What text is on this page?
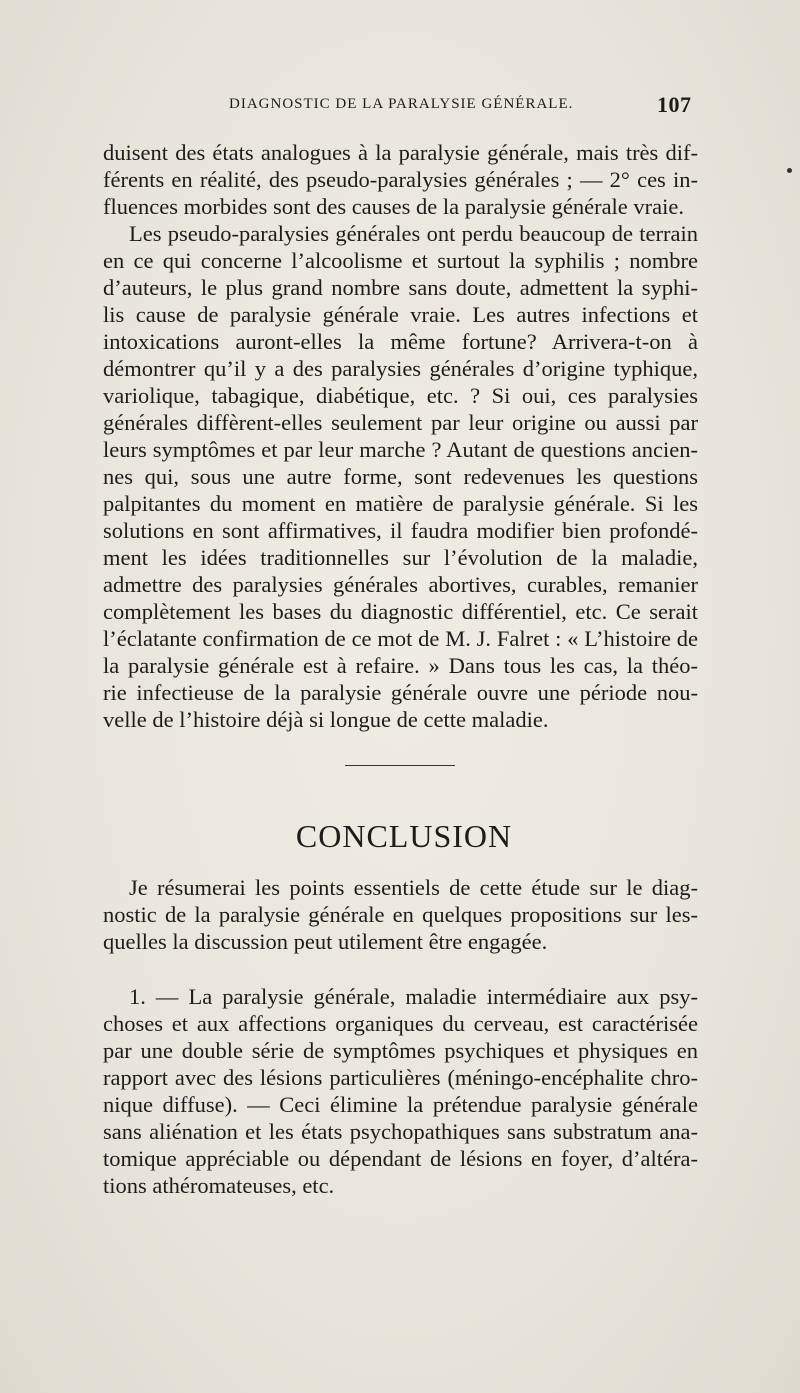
DIAGNOSTIC DE LA PARALYSIE GÉNÉRALE.	107
duisent des états analogues à la paralysie générale, mais très dif-
férents en réalité, des pseudo-paralysies générales ; — 2° ces in-
fluences morbides sont des causes de la paralysie générale vraie.
Les pseudo-paralysies générales ont perdu beaucoup de terrain
en ce qui concerne l’alcoolisme et surtout la syphilis ; nombre
d’auteurs, le plus grand nombre sans doute, admettent la syphi-
lis cause de paralysie générale vraie. Les autres infections et
intoxications auront-elles la même fortune? Arrivera-t-on à
démontrer qu’il y a des paralysies générales d’origine typhique,
variolique, tabagique, diabétique, etc. ? Si oui, ces paralysies
générales diffèrent-elles seulement par leur origine ou aussi par
leurs symptômes et par leur marche ? Autant de questions ancien-
nes qui, sous une autre forme, sont redevenues les questions
palpitantes du moment en matière de paralysie générale. Si les
solutions en sont affirmatives, il faudra modifier bien profondé-
ment les idées traditionnelles sur l’évolution de la maladie,
admettre des paralysies générales abortives, curables, remanier
complètement les bases du diagnostic différentiel, etc. Ce serait
l’éclatante confirmation de ce mot de M. J. Falret : « L’histoire de
la paralysie générale est à refaire. » Dans tous les cas, la théo-
rie infectieuse de la paralysie générale ouvre une période nou-
velle de l’histoire déjà si longue de cette maladie.
CONCLUSION
Je résumerai les points essentiels de cette étude sur le diag-
nostic de la paralysie générale en quelques propositions sur les-
quelles la discussion peut utilement être engagée.
1. — La paralysie générale, maladie intermédiaire aux psy-
choses et aux affections organiques du cerveau, est caractérisée
par une double série de symptômes psychiques et physiques en
rapport avec des lésions particulières (méningo-encéphalite chro-
nique diffuse). — Ceci élimine la prétendue paralysie générale
sans aliénation et les états psychopathiques sans substratum ana-
tomique appréciable ou dépendant de lésions en foyer, d’altéra-
tions athéromateuses, etc.
